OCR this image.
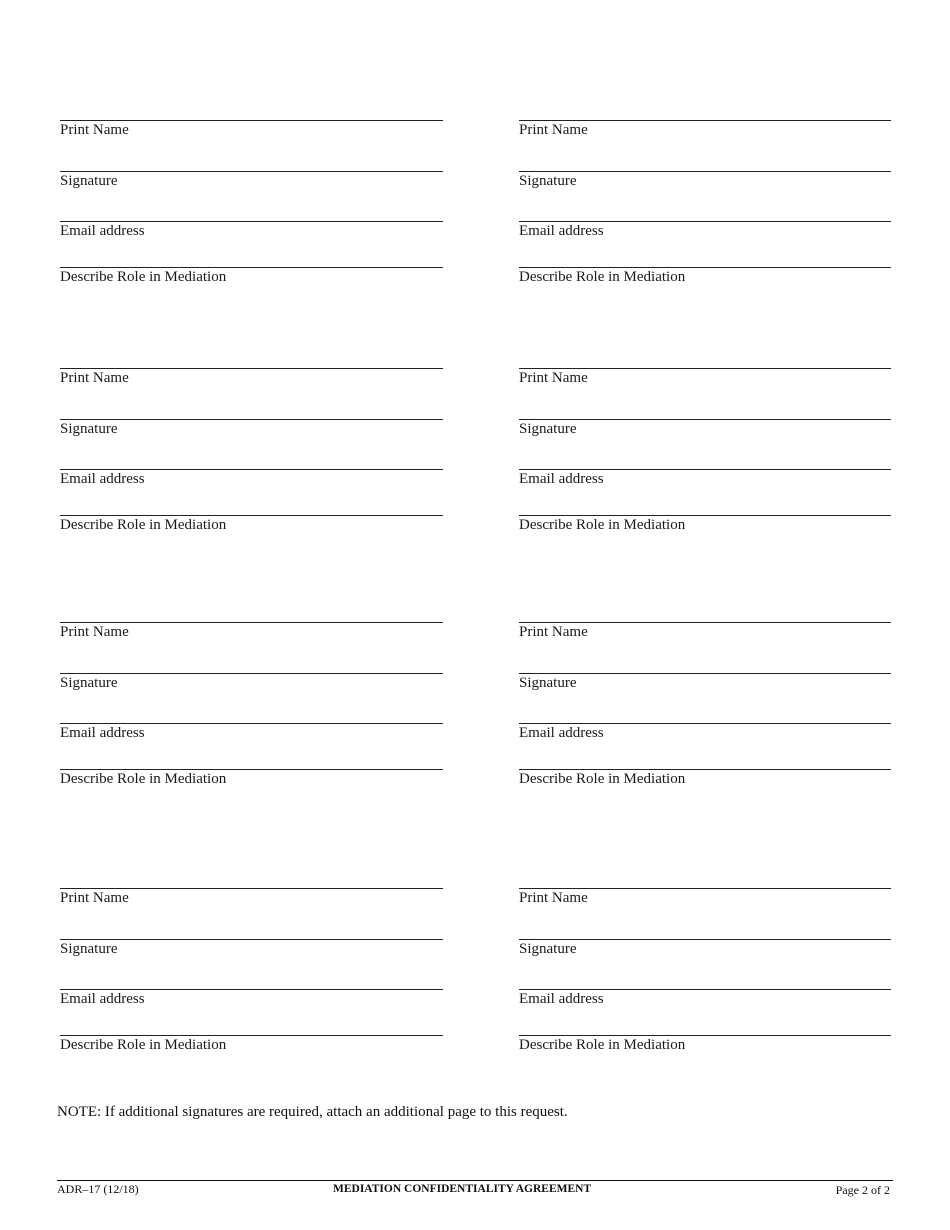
Print Name
Signature
Email address
Describe Role in Mediation
Print Name
Signature
Email address
Describe Role in Mediation
Print Name
Signature
Email address
Describe Role in Mediation
Print Name
Signature
Email address
Describe Role in Mediation
Print Name
Signature
Email address
Describe Role in Mediation
Print Name
Signature
Email address
Describe Role in Mediation
Print Name
Signature
Email address
Describe Role in Mediation
Print Name
Signature
Email address
Describe Role in Mediation
NOTE: If additional signatures are required, attach an additional page to this request.
ADR–17 (12/18)	MEDIATION CONFIDENTIALITY AGREEMENT	Page 2 of 2
